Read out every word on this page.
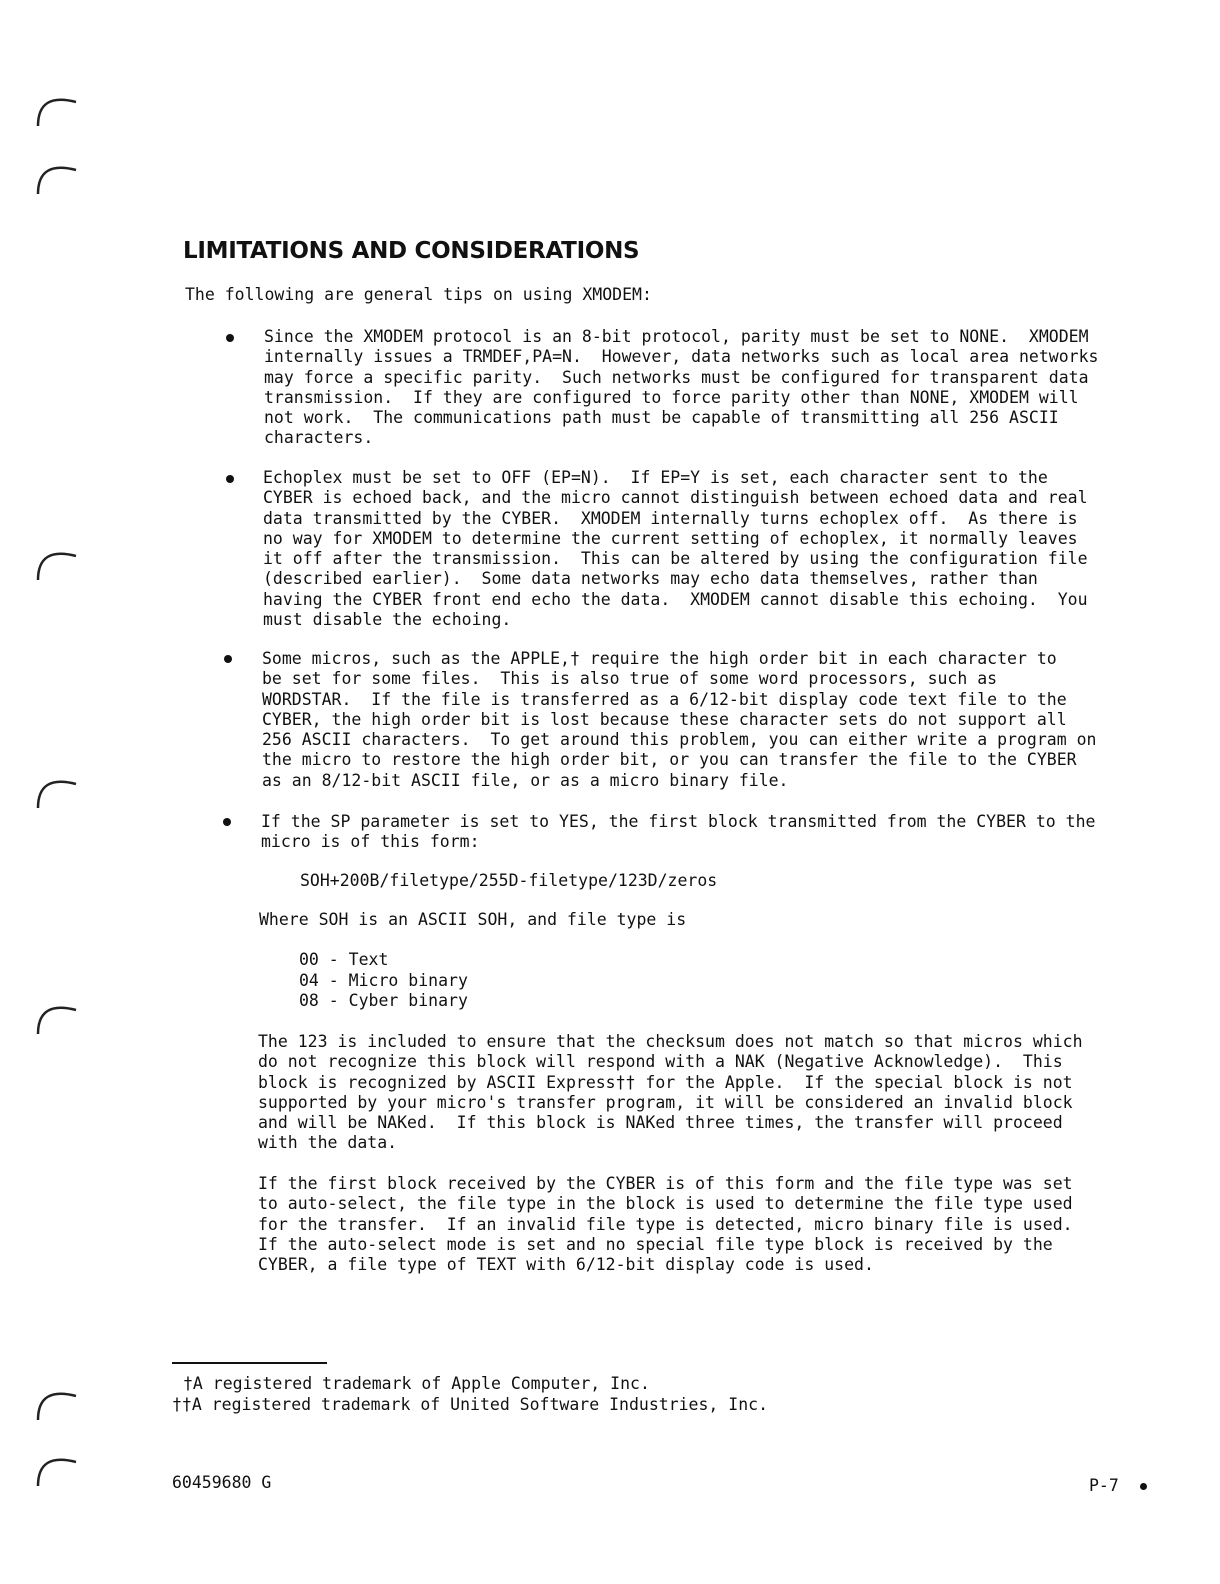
LIMITATIONS AND CONSIDERATIONS
The following are general tips on using XMODEM:
Since the XMODEM protocol is an 8-bit protocol, parity must be set to NONE.  XMODEM
internally issues a TRMDEF,PA=N.  However, data networks such as local area networks
may force a specific parity.  Such networks must be configured for transparent data
transmission.  If they are configured to force parity other than NONE, XMODEM will
not work.  The communications path must be capable of transmitting all 256 ASCII
characters.
Echoplex must be set to OFF (EP=N).  If EP=Y is set, each character sent to the
CYBER is echoed back, and the micro cannot distinguish between echoed data and real
data transmitted by the CYBER.  XMODEM internally turns echoplex off.  As there is
no way for XMODEM to determine the current setting of echoplex, it normally leaves
it off after the transmission.  This can be altered by using the configuration file
(described earlier).  Some data networks may echo data themselves, rather than
having the CYBER front end echo the data.  XMODEM cannot disable this echoing.  You
must disable the echoing.
Some micros, such as the APPLE,† require the high order bit in each character to
be set for some files.  This is also true of some word processors, such as
WORDSTAR.  If the file is transferred as a 6/12-bit display code text file to the
CYBER, the high order bit is lost because these character sets do not support all
256 ASCII characters.  To get around this problem, you can either write a program on
the micro to restore the high order bit, or you can transfer the file to the CYBER
as an 8/12-bit ASCII file, or as a micro binary file.
If the SP parameter is set to YES, the first block transmitted from the CYBER to the
micro is of this form:
SOH+200B/filetype/255D-filetype/123D/zeros
Where SOH is an ASCII SOH, and file type is
00 - Text
04 - Micro binary
08 - Cyber binary
The 123 is included to ensure that the checksum does not match so that micros which
do not recognize this block will respond with a NAK (Negative Acknowledge).  This
block is recognized by ASCII Express†† for the Apple.  If the special block is not
supported by your micro's transfer program, it will be considered an invalid block
and will be NAKed.  If this block is NAKed three times, the transfer will proceed
with the data.
If the first block received by the CYBER is of this form and the file type was set
to auto-select, the file type in the block is used to determine the file type used
for the transfer.  If an invalid file type is detected, micro binary file is used.
If the auto-select mode is set and no special file type block is received by the
CYBER, a file type of TEXT with 6/12-bit display code is used.
†A registered trademark of Apple Computer, Inc.
††A registered trademark of United Software Industries, Inc.
60459680 G	P-7
